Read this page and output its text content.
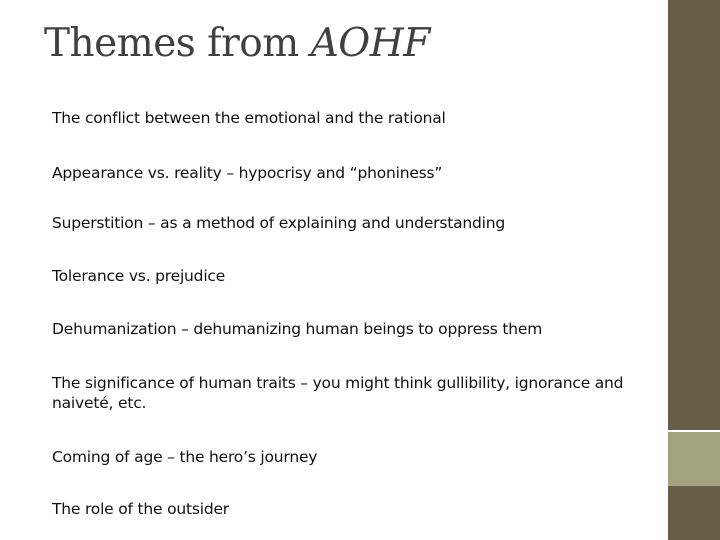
Themes from AOHF
The conflict between the emotional and the rational
Appearance vs. reality – hypocrisy and “phoniness”
Superstition – as a method of explaining and understanding
Tolerance vs. prejudice
Dehumanization – dehumanizing human beings to oppress them
The significance of human traits – you might think gullibility, ignorance and naiveté, etc.
Coming of age – the hero’s journey
The role of the outsider
